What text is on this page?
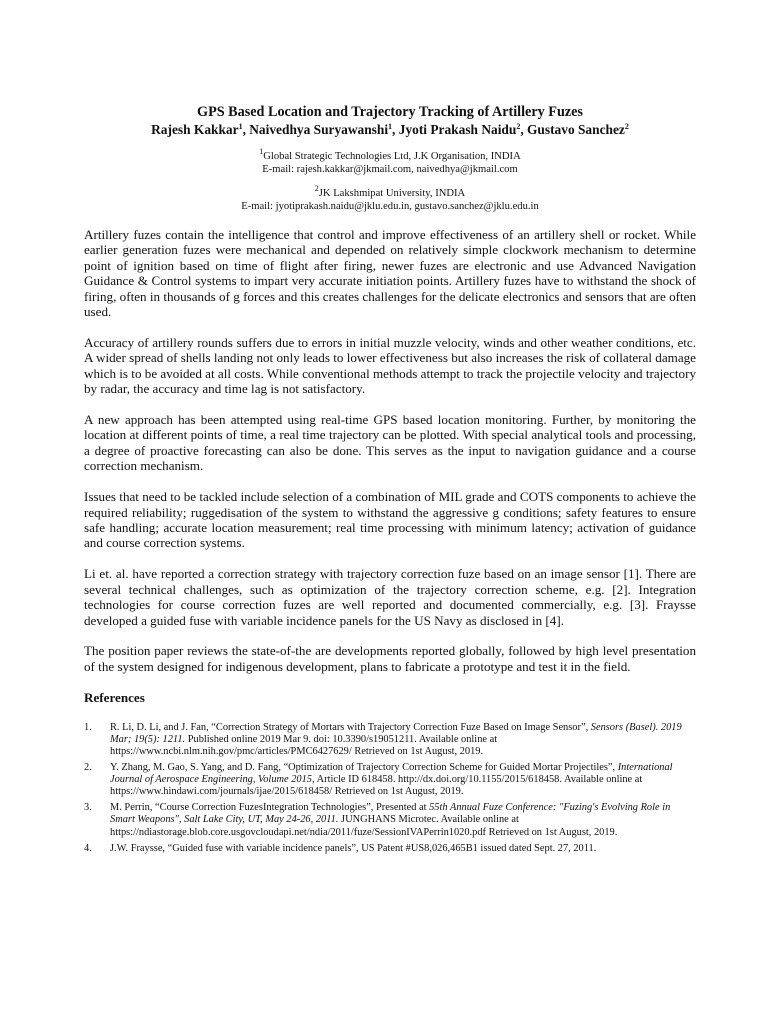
GPS Based Location and Trajectory Tracking of Artillery Fuzes
Rajesh Kakkar$^1$, Naivedhya Suryawanshi$^1$, Jyoti Prakash Naidu$^2$, Gustavo Sanchez$^2$
$^1$Global Strategic Technologies Ltd, J.K Organisation, INDIA
E-mail: rajesh.kakkar@jkmail.com, naivedhya@jkmail.com
$^2$JK Lakshmipat University, INDIA
E-mail: jyotiprakash.naidu@jklu.edu.in, gustavo.sanchez@jklu.edu.in

Artillery fuzes contain the intelligence that control and improve effectiveness of an artillery shell or rocket. While earlier generation fuzes were mechanical and depended on relatively simple clockwork mechanism to determine point of ignition based on time of flight after firing, newer fuzes are electronic and use Advanced Navigation Guidance & Control systems to impart very accurate initiation points. Artillery fuzes have to withstand the shock of firing, often in thousands of g forces and this creates challenges for the delicate electronics and sensors that are often used.

Accuracy of artillery rounds suffers due to errors in initial muzzle velocity, winds and other weather conditions, etc. A wider spread of shells landing not only leads to lower effectiveness but also increases the risk of collateral damage which is to be avoided at all costs. While conventional methods attempt to track the projectile velocity and trajectory by radar, the accuracy and time lag is not satisfactory.

A new approach has been attempted using real-time GPS based location monitoring. Further, by monitoring the location at different points of time, a real time trajectory can be plotted. With special analytical tools and processing, a degree of proactive forecasting can also be done. This serves as the input to navigation guidance and a course correction mechanism.

Issues that need to be tackled include selection of a combination of MIL grade and COTS components to achieve the required reliability; ruggedisation of the system to withstand the aggressive g conditions; safety features to ensure safe handling; accurate location measurement; real time processing with minimum latency; activation of guidance and course correction systems.

Li et. al. have reported a correction strategy with trajectory correction fuze based on an image sensor [1]. There are several technical challenges, such as optimization of the trajectory correction scheme, e.g. [2]. Integration technologies for course correction fuzes are well reported and documented commercially, e.g. [3]. Fraysse developed a guided fuse with variable incidence panels for the US Navy as disclosed in [4].

The position paper reviews the state-of-the are developments reported globally, followed by high level presentation of the system designed for indigenous development, plans to fabricate a prototype and test it in the field.

References
1. R. Li, D. Li, and J. Fan, “Correction Strategy of Mortars with Trajectory Correction Fuze Based on Image Sensor”, Sensors (Basel). 2019 Mar; 19(5): 1211. Published online 2019 Mar 9. doi: 10.3390/s19051211. Available online at https://www.ncbi.nlm.nih.gov/pmc/articles/PMC6427629/ Retrieved on 1st August, 2019.
2. Y. Zhang, M. Gao, S. Yang, and D. Fang, “Optimization of Trajectory Correction Scheme for Guided Mortar Projectiles”, International Journal of Aerospace Engineering, Volume 2015, Article ID 618458. http://dx.doi.org/10.1155/2015/618458. Available online at https://www.hindawi.com/journals/ijae/2015/618458/ Retrieved on 1st August, 2019.
3. M. Perrin, “Course Correction FuzesIntegration Technologies”, Presented at 55th Annual Fuze Conference: "Fuzing's Evolving Role in Smart Weapons", Salt Lake City, UT, May 24-26, 2011. JUNGHANS Microtec. Available online at https://ndiastorage.blob.core.usgovcloudapi.net/ndia/2011/fuze/SessionIVAPerrin1020.pdf Retrieved on 1st August, 2019.
4. J.W. Fraysse, “Guided fuse with variable incidence panels”, US Patent #US8,026,465B1 issued dated Sept. 27, 2011.
